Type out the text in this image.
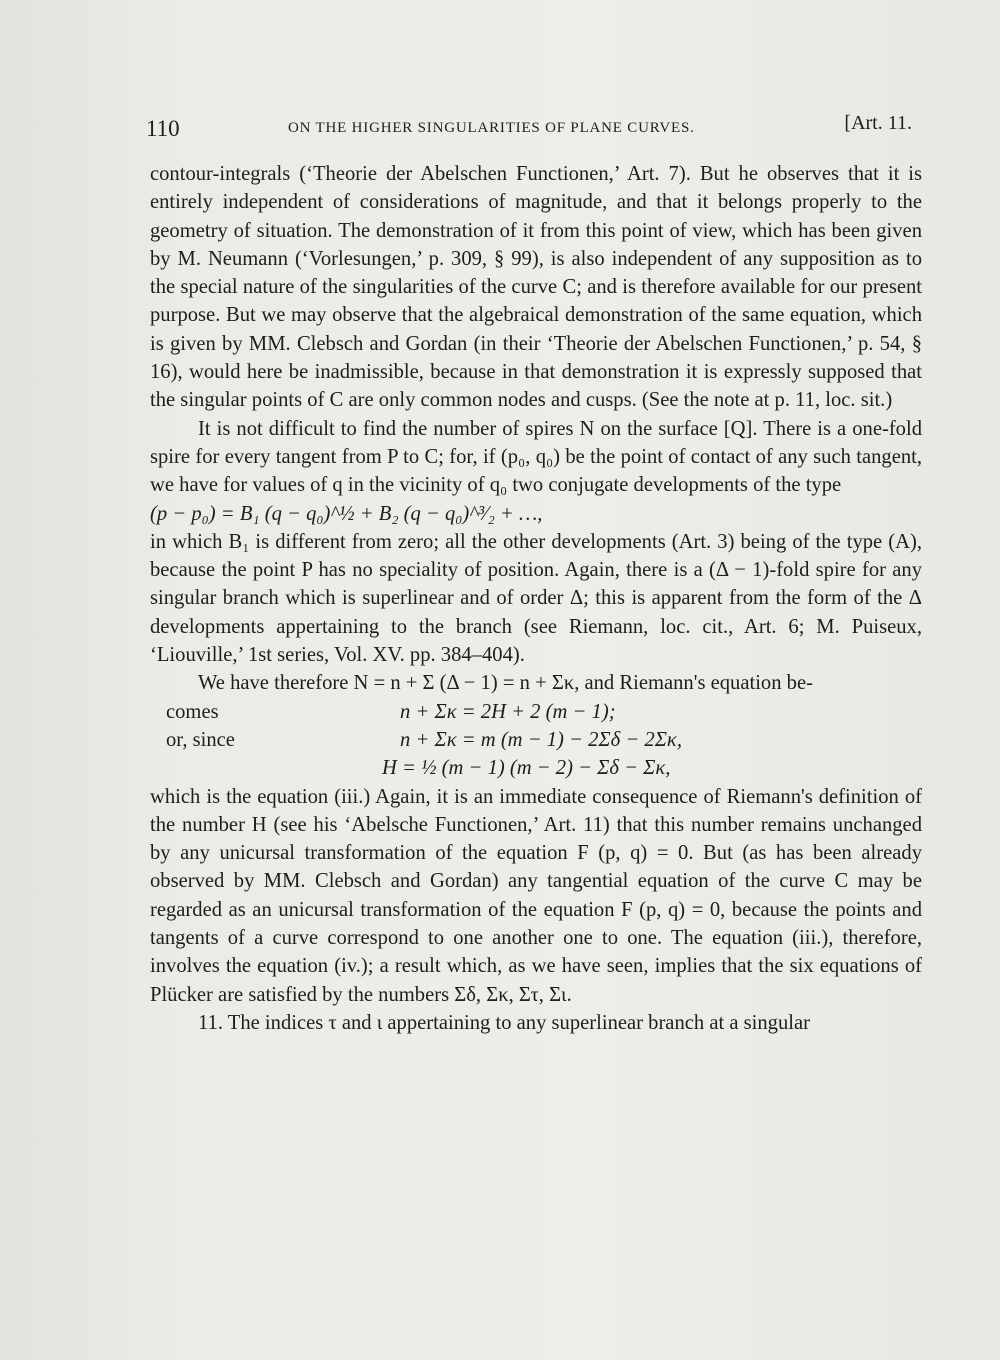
110	ON THE HIGHER SINGULARITIES OF PLANE CURVES.	[Art. 11.

contour-integrals (‘Theorie der Abelschen Functionen,’ Art. 7). But he observes that it is entirely independent of considerations of magnitude, and that it belongs properly to the geometry of situation. The demonstration of it from this point of view, which has been given by M. Neumann (‘Vorlesungen,’ p. 309, § 99), is also independent of any supposition as to the special nature of the singularities of the curve C; and is therefore available for our present purpose. But we may observe that the algebraical demonstration of the same equation, which is given by MM. Clebsch and Gordan (in their ‘Theorie der Abelschen Functionen,’ p. 54, § 16), would here be inadmissible, because in that demonstration it is expressly supposed that the singular points of C are only common nodes and cusps. (See the note at p. 11, loc. sit.)

It is not difficult to find the number of spires N on the surface [Q]. There is a one-fold spire for every tangent from P to C; for, if (p₀, q₀) be the point of contact of any such tangent, we have for values of q in the vicinity of q₀ two conjugate developments of the type

(p − p₀) = B₁ (q − q₀)^½ + B₂ (q − q₀)^³⁄₂ + …,

in which B₁ is different from zero; all the other developments (Art. 3) being of the type (A), because the point P has no speciality of position. Again, there is a (Δ − 1)-fold spire for any singular branch which is superlinear and of order Δ; this is apparent from the form of the Δ developments appertaining to the branch (see Riemann, loc. cit., Art. 6; M. Puiseux, ‘Liouville,’ 1st series, Vol. XV. pp. 384–404).

We have therefore N = n + Σ (Δ − 1) = n + Σκ, and Riemann's equation be-

comes	n + Σκ = 2H + 2 (m − 1);
or, since	n + Σκ = m (m − 1) − 2Σδ − 2Σκ,
H = ½ (m − 1) (m − 2) − Σδ − Σκ,

which is the equation (iii.) Again, it is an immediate consequence of Riemann's definition of the number H (see his ‘Abelsche Functionen,’ Art. 11) that this number remains unchanged by any unicursal transformation of the equation F (p, q) = 0. But (as has been already observed by MM. Clebsch and Gordan) any tangential equation of the curve C may be regarded as an unicursal transformation of the equation F (p, q) = 0, because the points and tangents of a curve correspond to one another one to one. The equation (iii.), therefore, involves the equation (iv.); a result which, as we have seen, implies that the six equations of Plücker are satisfied by the numbers Σδ, Σκ, Στ, Σι.

11. The indices τ and ι appertaining to any superlinear branch at a singular
